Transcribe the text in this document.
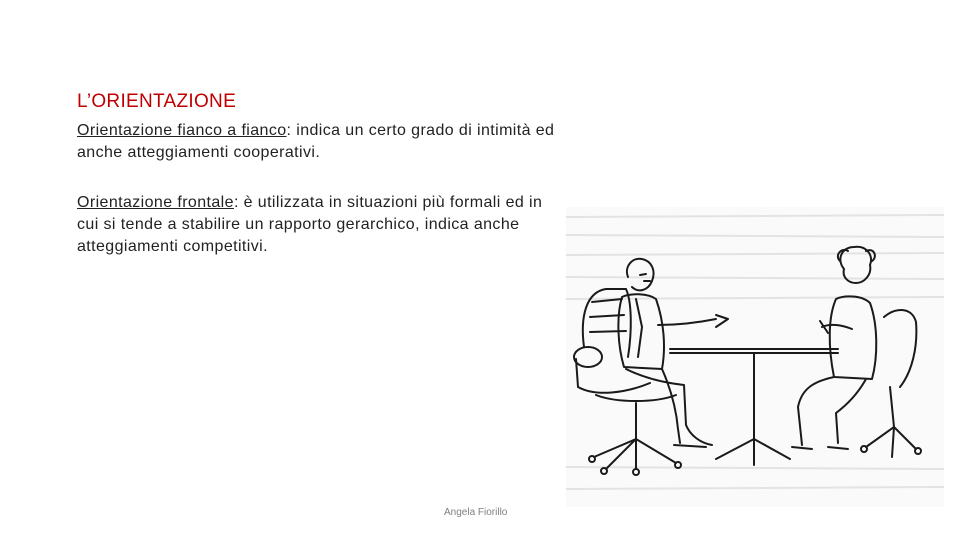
L’ORIENTAZIONE
Orientazione fianco a fianco: indica un certo grado di intimità ed anche atteggiamenti cooperativi.
Orientazione frontale: è utilizzata in situazioni più formali ed in cui si tende a stabilire un rapporto gerarchico, indica anche atteggiamenti competitivi.
Angela Fiorillo
